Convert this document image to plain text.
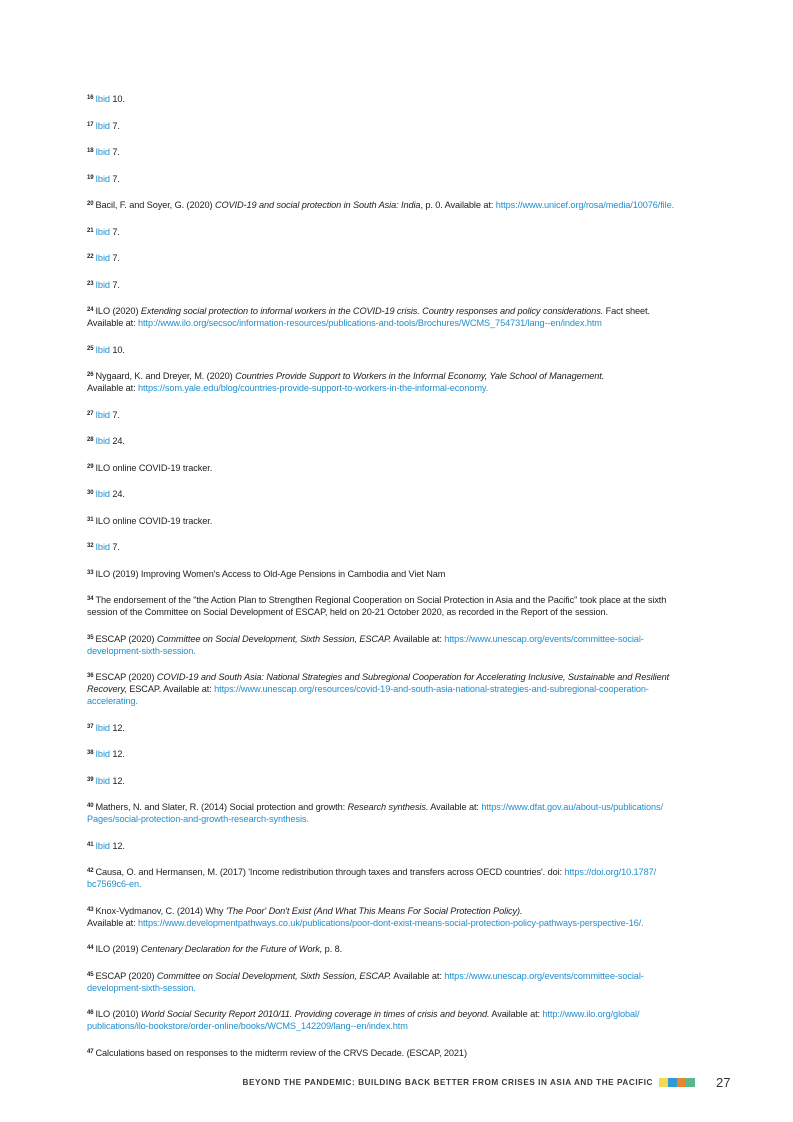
$^{16}$ Ibid 10.

$^{17}$ Ibid 7.

$^{18}$ Ibid 7.

$^{19}$ Ibid 7.

$^{20}$ Bacil, F. and Soyer, G. (2020) COVID-19 and social protection in South Asia: India, p. 0. Available at: https://www.unicef.org/rosa/media/10076/file.

$^{21}$ Ibid 7.

$^{22}$ Ibid 7.

$^{23}$ Ibid 7.

$^{24}$ ILO (2020) Extending social protection to informal workers in the COVID-19 crisis. Country responses and policy considerations. Fact sheet.
Available at: http://www.ilo.org/secsoc/information-resources/publications-and-tools/Brochures/WCMS_754731/lang--en/index.htm

$^{25}$ Ibid 10.

$^{26}$ Nygaard, K. and Dreyer, M. (2020) Countries Provide Support to Workers in the Informal Economy, Yale School of Management.
Available at: https://som.yale.edu/blog/countries-provide-support-to-workers-in-the-informal-economy.

$^{27}$ Ibid 7.

$^{28}$ Ibid 24.

$^{29}$ ILO online COVID-19 tracker.

$^{30}$ Ibid 24.

$^{31}$ ILO online COVID-19 tracker.

$^{32}$ Ibid 7.

$^{33}$ ILO (2019) Improving Women's Access to Old-Age Pensions in Cambodia and Viet Nam

$^{34}$ The endorsement of the "the Action Plan to Strengthen Regional Cooperation on Social Protection in Asia and the Pacific" took place at the sixth
session of the Committee on Social Development of ESCAP, held on 20-21 October 2020, as recorded in the Report of the session.

$^{35}$ ESCAP (2020) Committee on Social Development, Sixth Session, ESCAP. Available at: https://www.unescap.org/events/committee-social-
development-sixth-session.

$^{36}$ ESCAP (2020) COVID-19 and South Asia: National Strategies and Subregional Cooperation for Accelerating Inclusive, Sustainable and Resilient
Recovery, ESCAP. Available at: https://www.unescap.org/resources/covid-19-and-south-asia-national-strategies-and-subregional-cooperation-
accelerating.

$^{37}$ Ibid 12.

$^{38}$ Ibid 12.

$^{39}$ Ibid 12.

$^{40}$ Mathers, N. and Slater, R. (2014) Social protection and growth: Research synthesis. Available at: https://www.dfat.gov.au/about-us/publications/
Pages/social-protection-and-growth-research-synthesis.

$^{41}$ Ibid 12.

$^{42}$ Causa, O. and Hermansen, M. (2017) 'Income redistribution through taxes and transfers across OECD countries'. doi: https://doi.org/10.1787/
bc7569c6-en.

$^{43}$ Knox-Vydmanov, C. (2014) Why 'The Poor' Don't Exist (And What This Means For Social Protection Policy).
Available at: https://www.developmentpathways.co.uk/publications/poor-dont-exist-means-social-protection-policy-pathways-perspective-16/.

$^{44}$ ILO (2019) Centenary Declaration for the Future of Work, p. 8.

$^{45}$ ESCAP (2020) Committee on Social Development, Sixth Session, ESCAP. Available at: https://www.unescap.org/events/committee-social-
development-sixth-session.

$^{46}$ ILO (2010) World Social Security Report 2010/11. Providing coverage in times of crisis and beyond. Available at: http://www.ilo.org/global/
publications/ilo-bookstore/order-online/books/WCMS_142209/lang--en/index.htm

$^{47}$ Calculations based on responses to the midterm review of the CRVS Decade. (ESCAP, 2021)

BEYOND THE PANDEMIC: BUILDING BACK BETTER FROM CRISES IN ASIA AND THE PACIFIC	27
